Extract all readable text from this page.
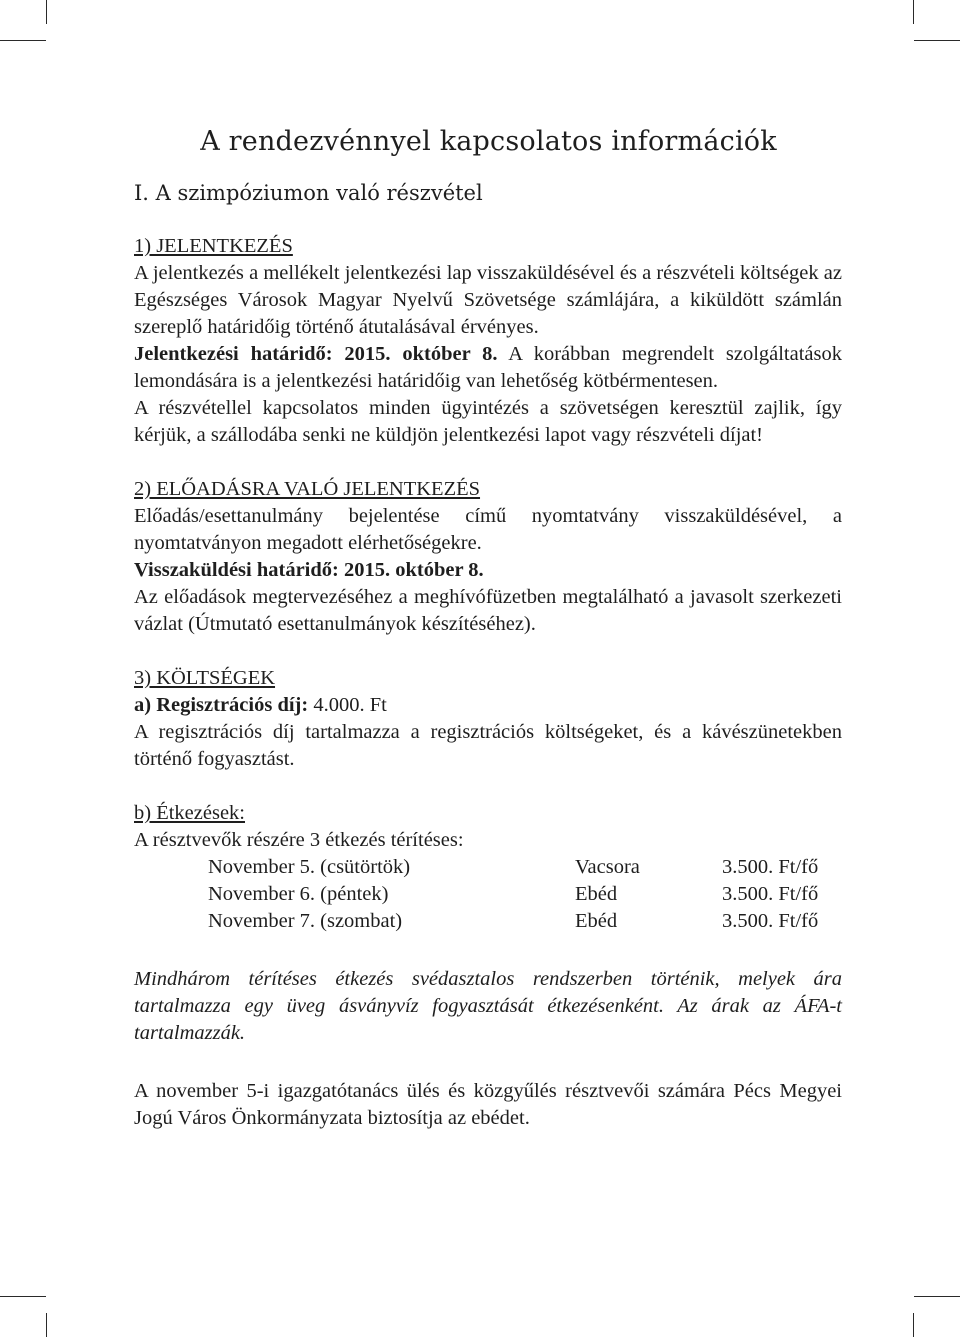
A rendezvénnyel kapcsolatos információk
I. A szimpóziumon való részvétel

1) JELENTKEZÉS

A jelentkezés a mellékelt jelentkezési lap visszaküldésével és a részvételi költségek az Egészséges Városok Magyar Nyelvű Szövetsége számlájára, a kiküldött számlán szereplő határidőig történő átutalásával érvényes.

Jelentkezési határidő: 2015. október 8. A korábban megrendelt szolgáltatások lemondására is a jelentkezési határidőig van lehetőség kötbérmentesen.

A részvétellel kapcsolatos minden ügyintézés a szövetségen keresztül zajlik, így kérjük, a szállodába senki ne küldjön jelentkezési lapot vagy részvételi díjat!

2) ELŐADÁSRA VALÓ JELENTKEZÉS

Előadás/esettanulmány bejelentése című nyomtatvány visszaküldésével, a nyomtatványon megadott elérhetőségekre.

Visszaküldési határidő: 2015. október 8.

Az előadások megtervezéséhez a meghívófüzetben megtalálható a javasolt szerkezeti vázlat (Útmutató esettanulmányok készítéséhez).

3) KÖLTSÉGEK

a) Regisztrációs díj: 4.000. Ft

A regisztrációs díj tartalmazza a regisztrációs költségeket, és a kávészünetekben történő fogyasztást.

b) Étkezések:

A résztvevők részére 3 étkezés térítéses:

November 5. (csütörtök)	Vacsora	3.500. Ft/fő
November 6. (péntek)	Ebéd	3.500. Ft/fő
November 7. (szombat)	Ebéd	3.500. Ft/fő

Mindhárom térítéses étkezés svédasztalos rendszerben történik, melyek ára tartalmazza egy üveg ásványvíz fogyasztását étkezésenként. Az árak az ÁFA-t tartalmazzák.

A november 5-i igazgatótanács ülés és közgyűlés résztvevői számára Pécs Megyei Jogú Város Önkormányzata biztosítja az ebédet.
